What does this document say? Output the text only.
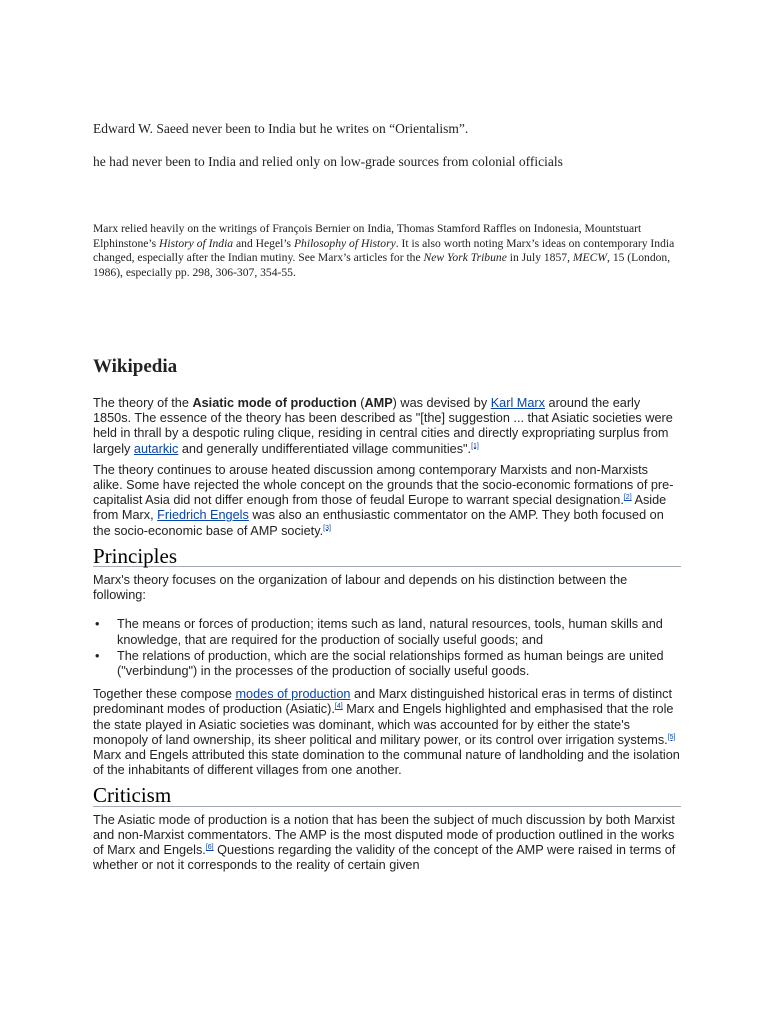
Edward W. Saeed never been to India but he writes on “Orientalism”.
he had never been to India and relied only on low-grade sources from colonial officials
Marx relied heavily on the writings of François Bernier on India, Thomas Stamford Raffles on Indonesia, Mountstuart Elphinstone’s History of India and Hegel’s Philosophy of History. It is also worth noting Marx’s ideas on contemporary India changed, especially after the Indian mutiny. See Marx’s articles for the New York Tribune in July 1857, MECW, 15 (London, 1986), especially pp. 298, 306-307, 354-55.
Wikipedia

The theory of the Asiatic mode of production (AMP) was devised by Karl Marx around the early 1850s. The essence of the theory has been described as "[the] suggestion ... that Asiatic societies were held in thrall by a despotic ruling clique, residing in central cities and directly expropriating surplus from largely autarkic and generally undifferentiated village communities".[1]

The theory continues to arouse heated discussion among contemporary Marxists and non-Marxists alike. Some have rejected the whole concept on the grounds that the socio-economic formations of pre-capitalist Asia did not differ enough from those of feudal Europe to warrant special designation.[2] Aside from Marx, Friedrich Engels was also an enthusiastic commentator on the AMP. They both focused on the socio-economic base of AMP society.[3]

Principles

Marx's theory focuses on the organization of labour and depends on his distinction between the following:

• The means or forces of production; items such as land, natural resources, tools, human skills and knowledge, that are required for the production of socially useful goods; and
• The relations of production, which are the social relationships formed as human beings are united ("verbindung") in the processes of the production of socially useful goods.

Together these compose modes of production and Marx distinguished historical eras in terms of distinct predominant modes of production (Asiatic).[4] Marx and Engels highlighted and emphasised that the role the state played in Asiatic societies was dominant, which was accounted for by either the state's monopoly of land ownership, its sheer political and military power, or its control over irrigation systems.[5] Marx and Engels attributed this state domination to the communal nature of landholding and the isolation of the inhabitants of different villages from one another.

Criticism

The Asiatic mode of production is a notion that has been the subject of much discussion by both Marxist and non-Marxist commentators. The AMP is the most disputed mode of production outlined in the works of Marx and Engels.[6] Questions regarding the validity of the concept of the AMP were raised in terms of whether or not it corresponds to the reality of certain given
